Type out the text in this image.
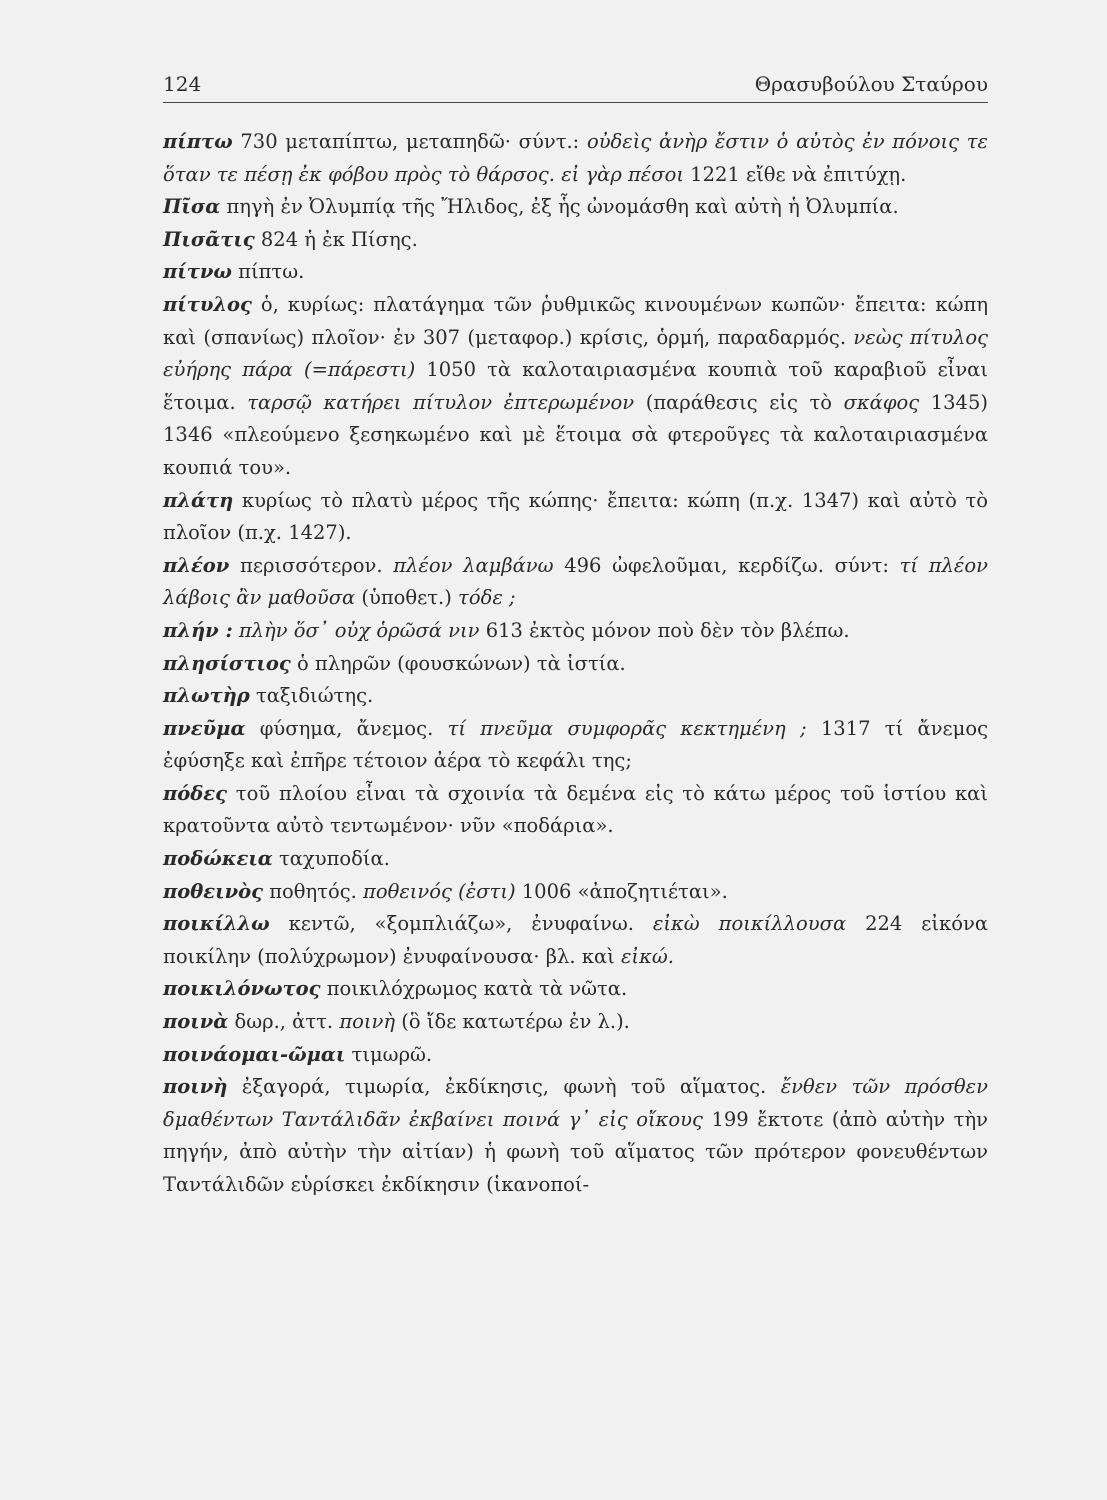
124	Θρασυβούλου Σταύρου

πίπτω 730 μεταπίπτω, μεταπηδῶ· σύντ.: οὐδεὶς ἀνὴρ ἔστιν ὁ αὐτὸς ἐν πόνοις τε ὅταν τε πέσῃ ἐκ φόβου πρὸς τὸ θάρσος. εἰ γὰρ πέσοι 1221 εἴθε νὰ ἐπιτύχῃ.

Πῖσα πηγὴ ἐν Ὀλυμπίᾳ τῆς Ἤλιδος, ἐξ ἧς ὠνομάσθη καὶ αὐτὴ ἡ Ὀλυμπία.

Πισᾶτις 824 ἡ ἐκ Πίσης.

πίτνω πίπτω.

πίτυλος ὁ, κυρίως: πλατάγημα τῶν ῥυθμικῶς κινουμένων κωπῶν· ἔπειτα: κώπη καὶ (σπανίως) πλοῖον· ἐν 307 (μεταφορ.) κρίσις, ὁρμή, παραδαρμός. νεὼς πίτυλος εὐήρης πάρα (=πάρεστι) 1050 τὰ καλοταιριασμένα κουπιὰ τοῦ καραβιοῦ εἶναι ἕτοιμα. ταρσῷ κατήρει πίτυλον ἐπτερωμένον (παράθεσις εἰς τὸ σκάφος 1345) 1346 «πλεούμενο ξεσηκωμένο καὶ μὲ ἕτοιμα σὰ φτεροῦγες τὰ καλοταιριασμένα κουπιά του».

πλάτη κυρίως τὸ πλατὺ μέρος τῆς κώπης· ἔπειτα: κώπη (π.χ. 1347) καὶ αὐτὸ τὸ πλοῖον (π.χ. 1427).

πλέον περισσότερον. πλέον λαμβάνω 496 ὠφελοῦμαι, κερδίζω. σύντ: τί πλέον λάβοις ἂν μαθοῦσα (ὑποθετ.) τόδε ;

πλήν : πλὴν ὅσ᾽ οὐχ ὁρῶσά νιν 613 ἐκτὸς μόνον ποὺ δὲν τὸν βλέπω.

πλησίστιος ὁ πληρῶν (φουσκώνων) τὰ ἱστία.

πλωτὴρ ταξιδιώτης.

πνεῦμα φύσημα, ἄνεμος. τί πνεῦμα συμφορᾶς κεκτημένη ; 1317 τί ἄνεμος ἐφύσηξε καὶ ἐπῆρε τέτοιον ἀέρα τὸ κεφάλι της;

πόδες τοῦ πλοίου εἶναι τὰ σχοινία τὰ δεμένα εἰς τὸ κάτω μέρος τοῦ ἱστίου καὶ κρατοῦντα αὐτὸ τεντωμένον· νῦν «ποδάρια».

ποδώκεια ταχυποδία.

ποθεινὸς ποθητός. ποθεινός (ἐστι) 1006 «ἀποζητιέται».

ποικίλλω κεντῶ, «ξομπλιάζω», ἐνυφαίνω. εἰκὼ ποικίλλουσα 224 εἰκόνα ποικίλην (πολύχρωμον) ἐνυφαίνουσα· βλ. καὶ εἰκώ.

ποικιλόνωτος ποικιλόχρωμος κατὰ τὰ νῶτα.

ποινὰ δωρ., ἀττ. ποινὴ (ὃ ἴδε κατωτέρω ἐν λ.).

ποινάομαι-ῶμαι τιμωρῶ.

ποινὴ ἐξαγορά, τιμωρία, ἐκδίκησις, φωνὴ τοῦ αἵματος. ἔνθεν τῶν πρόσθεν δμαθέντων Ταντάλιδᾶν ἐκβαίνει ποινά γ᾽ εἰς οἴκους 199 ἔκτοτε (ἀπὸ αὐτὴν τὴν πηγήν, ἀπὸ αὐτὴν τὴν αἰτίαν) ἡ φωνὴ τοῦ αἵματος τῶν πρότερον φονευθέντων Ταντάλιδῶν εὑρίσκει ἐκδίκησιν (ἱκανοποί-
